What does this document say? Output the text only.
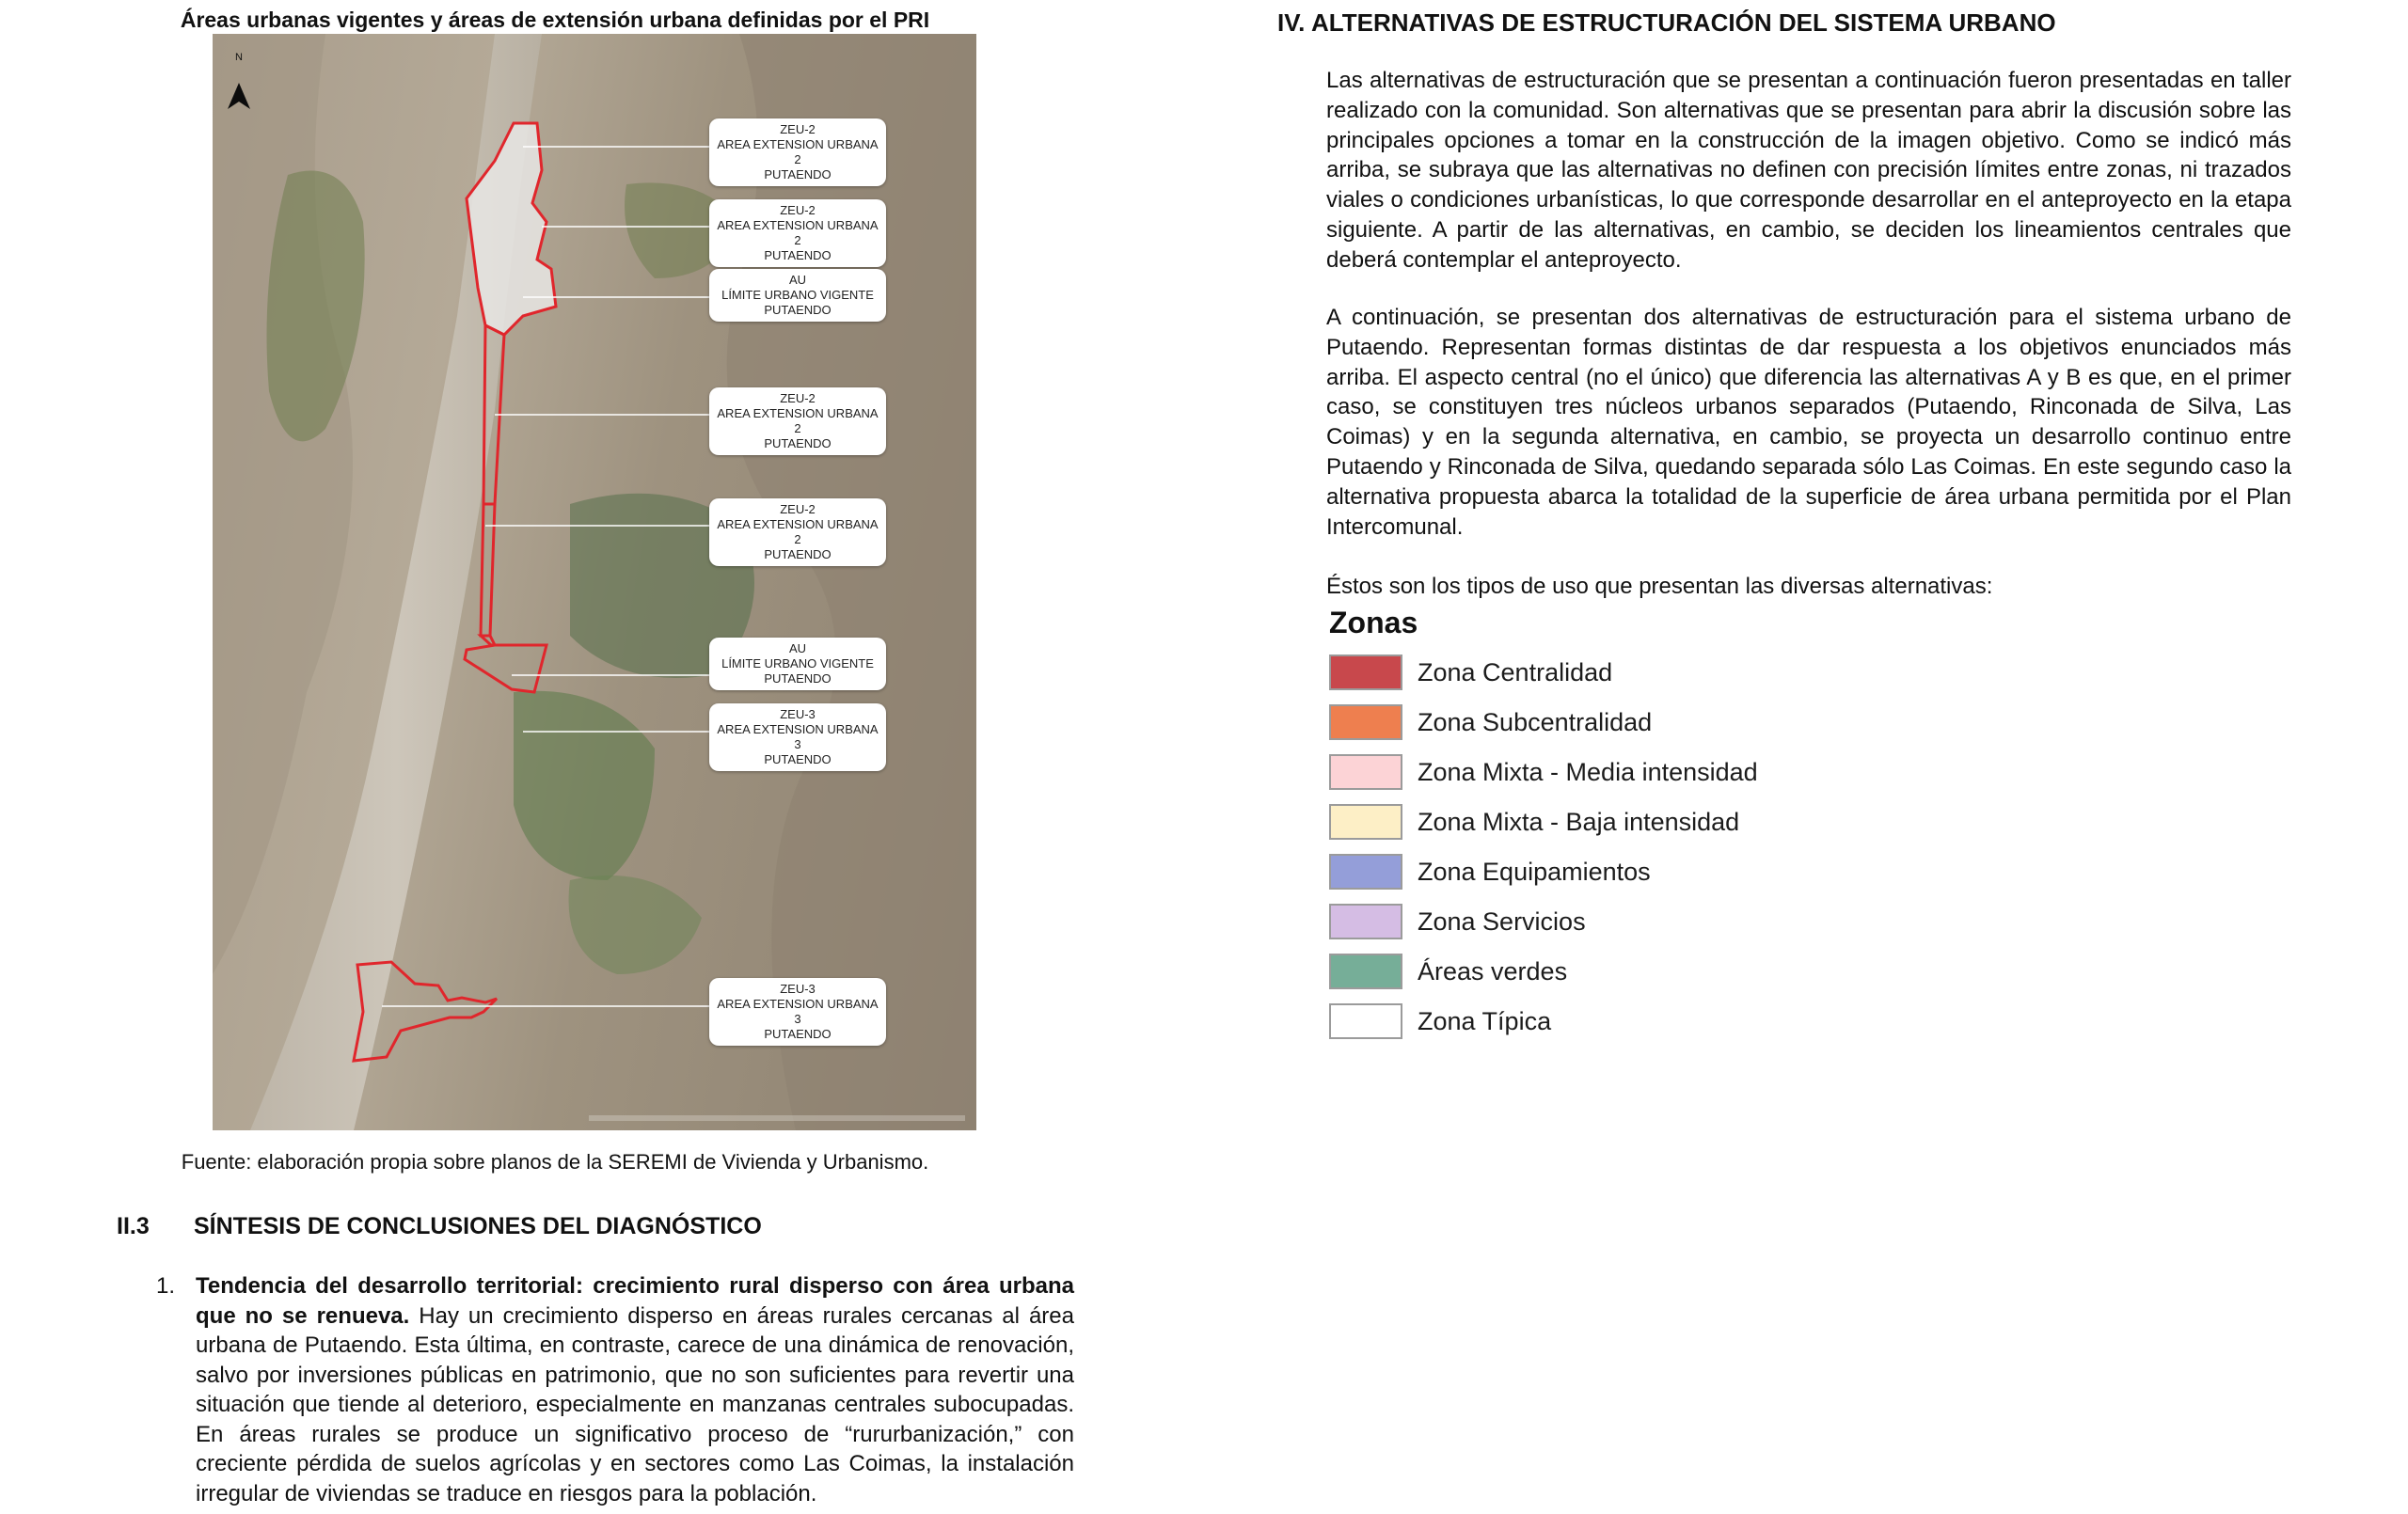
Áreas urbanas vigentes y áreas de extensión urbana definidas por el PRI
N
ZEU-2
AREA EXTENSION URBANA 2
PUTAENDO
ZEU-2
AREA EXTENSION URBANA 2
PUTAENDO
AU
LÍMITE URBANO VIGENTE
PUTAENDO
ZEU-2
AREA EXTENSION URBANA 2
PUTAENDO
ZEU-2
AREA EXTENSION URBANA 2
PUTAENDO
AU
LÍMITE URBANO VIGENTE
PUTAENDO
ZEU-3
AREA EXTENSION URBANA 3
PUTAENDO
ZEU-3
AREA EXTENSION URBANA 3
PUTAENDO
Fuente: elaboración propia sobre planos de la SEREMI de Vivienda y Urbanismo.
II.3 SÍNTESIS DE CONCLUSIONES DEL DIAGNÓSTICO
1. Tendencia del desarrollo territorial: crecimiento rural disperso con área urbana que no se renueva. Hay un crecimiento disperso en áreas rurales cercanas al área urbana de Putaendo. Esta última, en contraste, carece de una dinámica de renovación, salvo por inversiones públicas en patrimonio, que no son suficientes para revertir una situación que tiende al deterioro, especialmente en manzanas centrales subocupadas. En áreas rurales se produce un significativo proceso de “rururbanización,” con creciente pérdida de suelos agrícolas y en sectores como Las Coimas, la instalación irregular de viviendas se traduce en riesgos para la población.
IV. ALTERNATIVAS DE ESTRUCTURACIÓN DEL SISTEMA URBANO

Las alternativas de estructuración que se presentan a continuación fueron presentadas en taller realizado con la comunidad. Son alternativas que se presentan para abrir la discusión sobre las principales opciones a tomar en la construcción de la imagen objetivo. Como se indicó más arriba, se subraya que las alternativas no definen con precisión límites entre zonas, ni trazados viales o condiciones urbanísticas, lo que corresponde desarrollar en el anteproyecto en la etapa siguiente. A partir de las alternativas, en cambio, se deciden los lineamientos centrales que deberá contemplar el anteproyecto.

A continuación, se presentan dos alternativas de estructuración para el sistema urbano de Putaendo. Representan formas distintas de dar respuesta a los objetivos enunciados más arriba. El aspecto central (no el único) que diferencia las alternativas A y B es que, en el primer caso, se constituyen tres núcleos urbanos separados (Putaendo, Rinconada de Silva, Las Coimas) y en la segunda alternativa, en cambio, se proyecta un desarrollo continuo entre Putaendo y Rinconada de Silva, quedando separada sólo Las Coimas. En este segundo caso la alternativa propuesta abarca la totalidad de la superficie de área urbana permitida por el Plan Intercomunal.

Éstos son los tipos de uso que presentan las diversas alternativas:

Zonas
Zona Centralidad
Zona Subcentralidad
Zona Mixta - Media intensidad
Zona Mixta - Baja intensidad
Zona Equipamientos
Zona Servicios
Áreas verdes
Zona Típica
